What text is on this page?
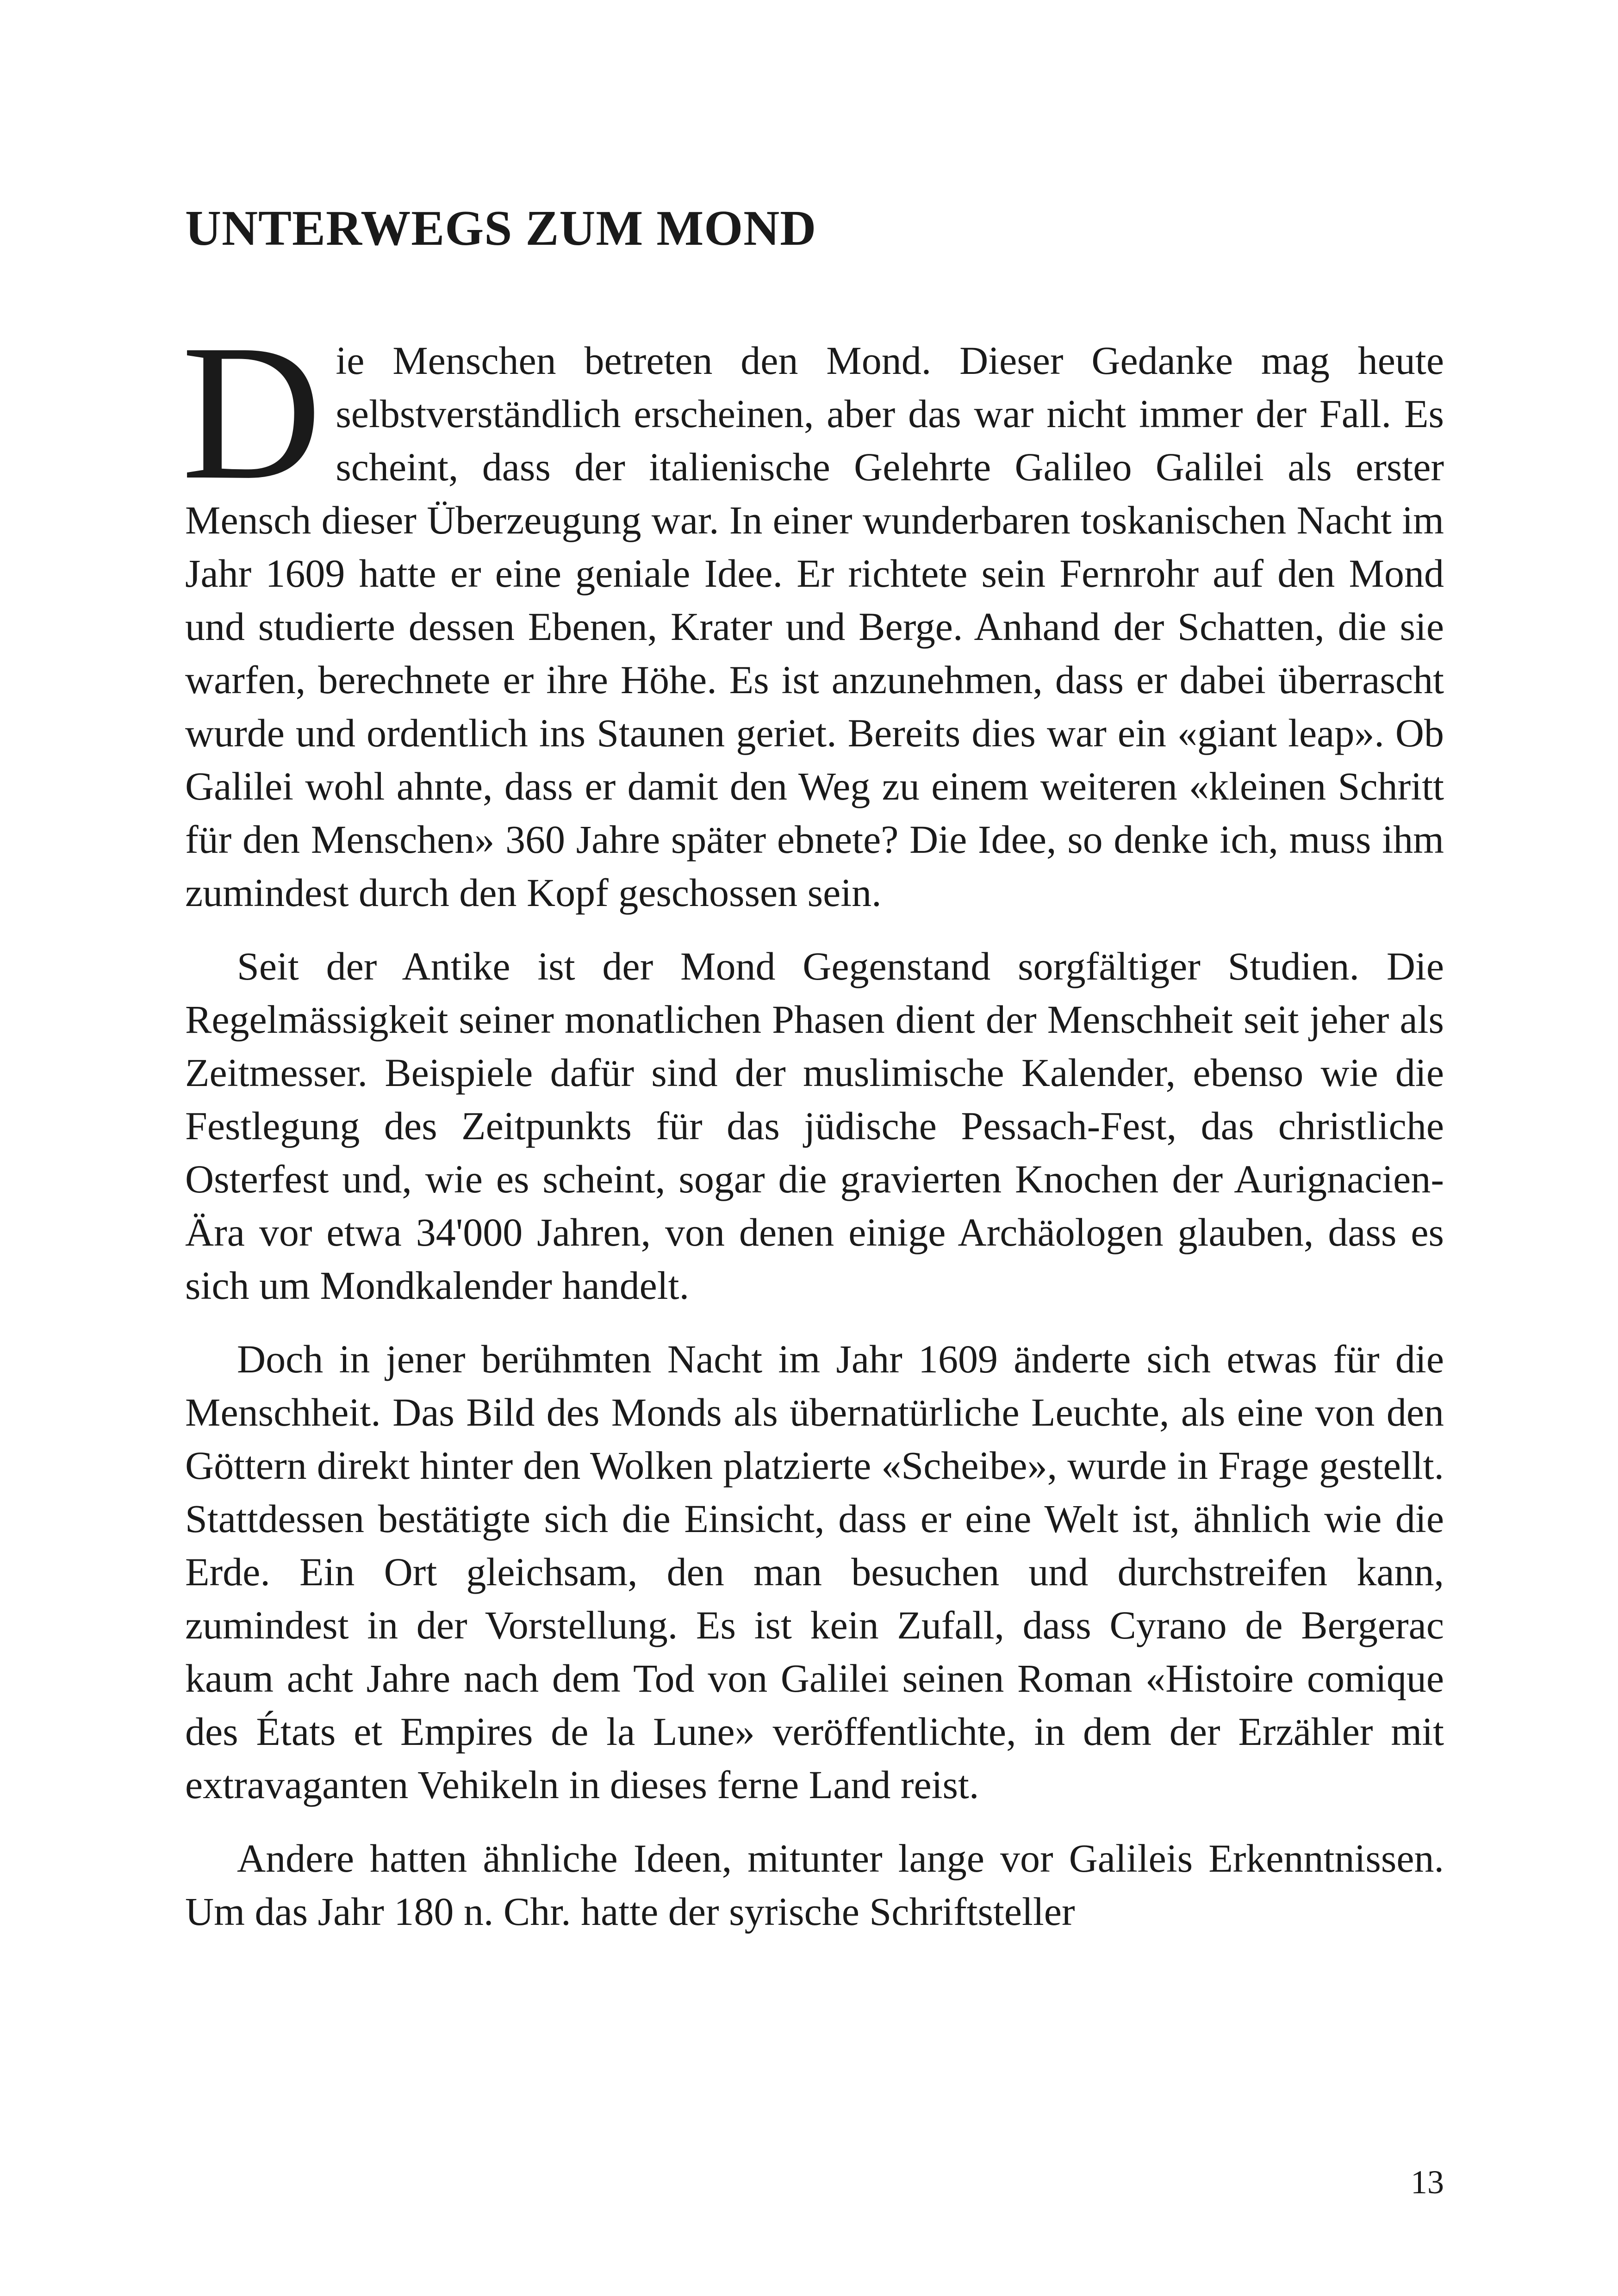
UNTERWEGS ZUM MOND

Die Menschen betreten den Mond. Dieser Gedanke mag heute selbstverständlich erscheinen, aber das war nicht immer der Fall. Es scheint, dass der italienische Gelehrte Galileo Galilei als erster Mensch dieser Überzeugung war. In einer wunderbaren toskanischen Nacht im Jahr 1609 hatte er eine geniale Idee. Er richtete sein Fernrohr auf den Mond und studierte dessen Ebenen, Krater und Berge. Anhand der Schatten, die sie warfen, berechnete er ihre Höhe. Es ist anzunehmen, dass er dabei überrascht wurde und ordentlich ins Staunen geriet. Bereits dies war ein «giant leap». Ob Galilei wohl ahnte, dass er damit den Weg zu einem weiteren «kleinen Schritt für den Menschen» 360 Jahre später ebnete? Die Idee, so denke ich, muss ihm zumindest durch den Kopf geschossen sein.

Seit der Antike ist der Mond Gegenstand sorgfältiger Studien. Die Regelmässigkeit seiner monatlichen Phasen dient der Menschheit seit jeher als Zeitmesser. Beispiele dafür sind der muslimische Kalender, ebenso wie die Festlegung des Zeitpunkts für das jüdische Pessach-Fest, das christliche Osterfest und, wie es scheint, sogar die gravierten Knochen der Aurignacien-Ära vor etwa 34'000 Jahren, von denen einige Archäologen glauben, dass es sich um Mondkalender handelt.

Doch in jener berühmten Nacht im Jahr 1609 änderte sich etwas für die Menschheit. Das Bild des Monds als übernatürliche Leuchte, als eine von den Göttern direkt hinter den Wolken platzierte «Scheibe», wurde in Frage gestellt. Stattdessen bestätigte sich die Einsicht, dass er eine Welt ist, ähnlich wie die Erde. Ein Ort gleichsam, den man besuchen und durchstreifen kann, zumindest in der Vorstellung. Es ist kein Zufall, dass Cyrano de Bergerac kaum acht Jahre nach dem Tod von Galilei seinen Roman «Histoire comique des États et Empires de la Lune» veröffentlichte, in dem der Erzähler mit extravaganten Vehikeln in dieses ferne Land reist.

Andere hatten ähnliche Ideen, mitunter lange vor Galileis Erkenntnissen. Um das Jahr 180 n. Chr. hatte der syrische Schriftsteller

13
